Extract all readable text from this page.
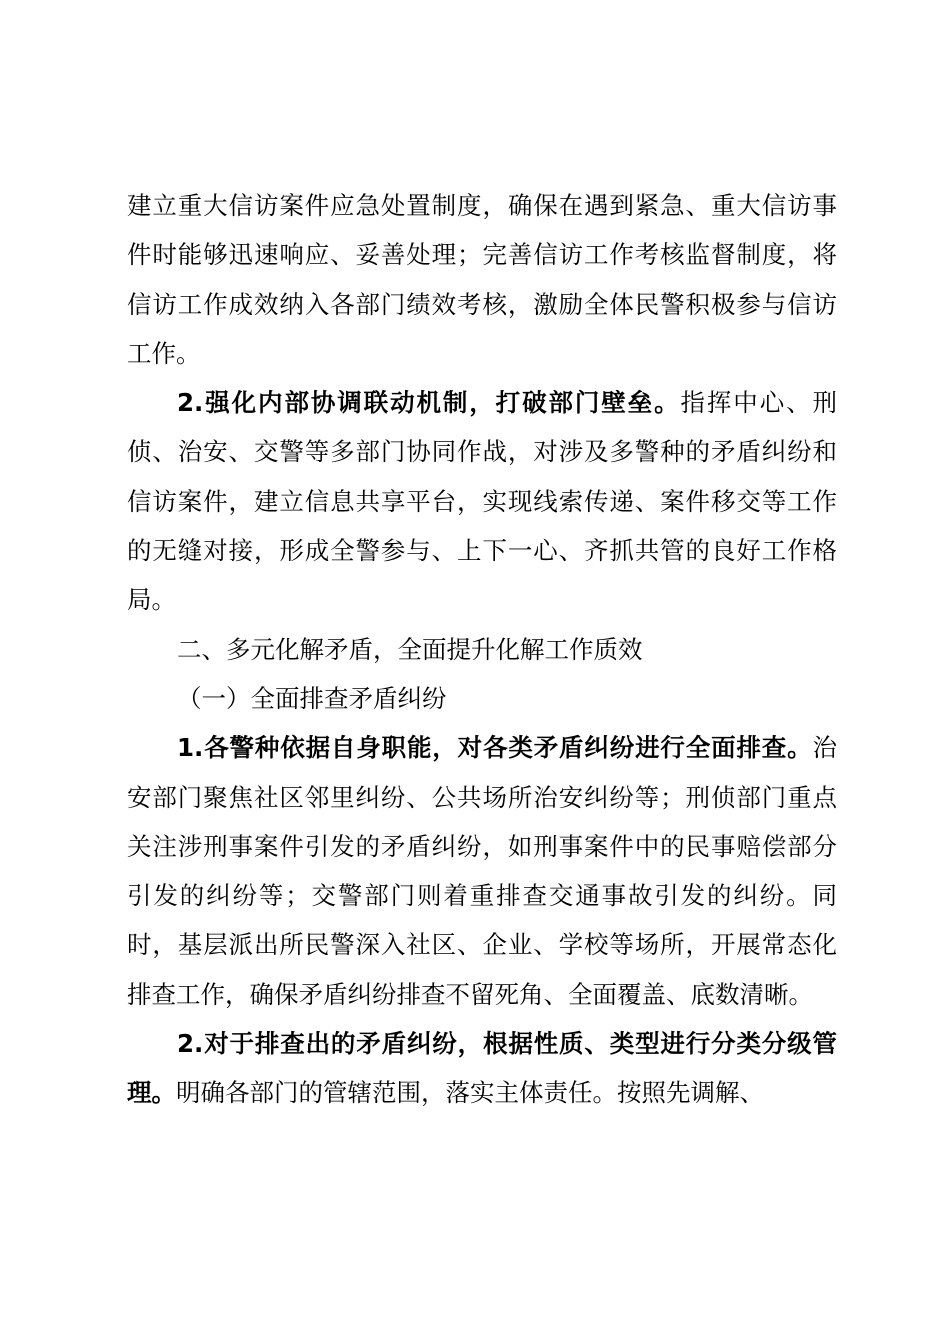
建立重大信访案件应急处置制度，确保在遇到紧急、重大信访事件时能够迅速响应、妥善处理；完善信访工作考核监督制度，将信访工作成效纳入各部门绩效考核，激励全体民警积极参与信访工作。

2.强化内部协调联动机制，打破部门壁垒。指挥中心、刑侦、治安、交警等多部门协同作战，对涉及多警种的矛盾纠纷和信访案件，建立信息共享平台，实现线索传递、案件移交等工作的无缝对接，形成全警参与、上下一心、齐抓共管的良好工作格局。

二、多元化解矛盾，全面提升化解工作质效

（一）全面排查矛盾纠纷

1.各警种依据自身职能，对各类矛盾纠纷进行全面排查。治安部门聚焦社区邻里纠纷、公共场所治安纠纷等；刑侦部门重点关注涉刑事案件引发的矛盾纠纷，如刑事案件中的民事赔偿部分引发的纠纷等；交警部门则着重排查交通事故引发的纠纷。同时，基层派出所民警深入社区、企业、学校等场所，开展常态化排查工作，确保矛盾纠纷排查不留死角、全面覆盖、底数清晰。

2.对于排查出的矛盾纠纷，根据性质、类型进行分类分级管理。明确各部门的管辖范围，落实主体责任。按照先调解、
